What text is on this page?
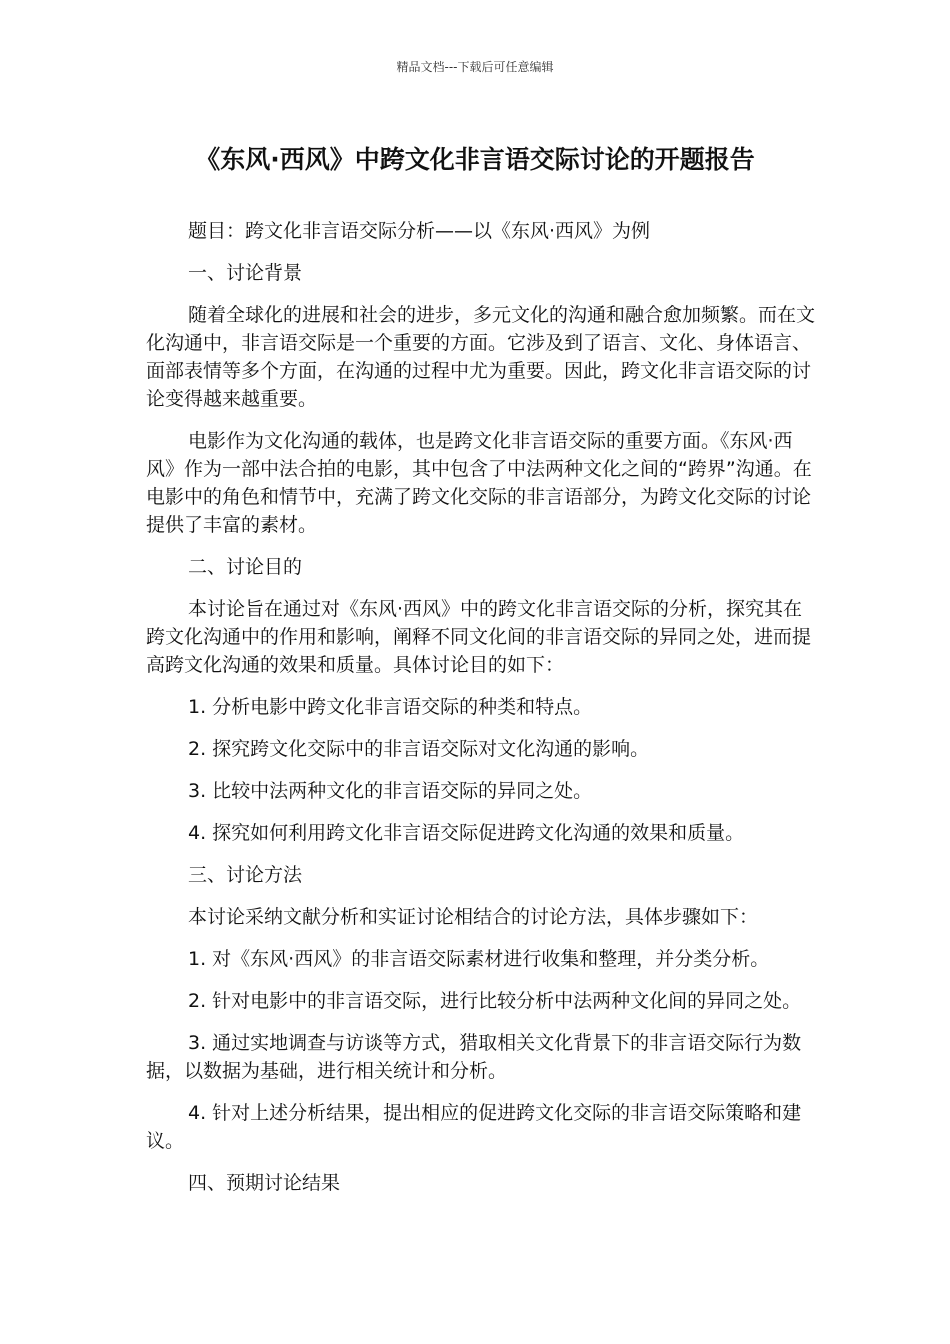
精品文档---下载后可任意编辑
《东风·西风》中跨文化非言语交际讨论的开题报告

题目：跨文化非言语交际分析——以《东风·西风》为例

一、讨论背景

随着全球化的进展和社会的进步，多元文化的沟通和融合愈加频繁。而在文化沟通中，非言语交际是一个重要的方面。它涉及到了语言、文化、身体语言、面部表情等多个方面，在沟通的过程中尤为重要。因此，跨文化非言语交际的讨论变得越来越重要。

电影作为文化沟通的载体，也是跨文化非言语交际的重要方面。《东风·西风》作为一部中法合拍的电影，其中包含了中法两种文化之间的“跨界”沟通。在电影中的角色和情节中，充满了跨文化交际的非言语部分，为跨文化交际的讨论提供了丰富的素材。

二、讨论目的

本讨论旨在通过对《东风·西风》中的跨文化非言语交际的分析，探究其在跨文化沟通中的作用和影响，阐释不同文化间的非言语交际的异同之处，进而提高跨文化沟通的效果和质量。具体讨论目的如下：

1. 分析电影中跨文化非言语交际的种类和特点。

2. 探究跨文化交际中的非言语交际对文化沟通的影响。

3. 比较中法两种文化的非言语交际的异同之处。

4. 探究如何利用跨文化非言语交际促进跨文化沟通的效果和质量。

三、讨论方法

本讨论采纳文献分析和实证讨论相结合的讨论方法，具体步骤如下：

1. 对《东风·西风》的非言语交际素材进行收集和整理，并分类分析。

2. 针对电影中的非言语交际，进行比较分析中法两种文化间的异同之处。

3. 通过实地调查与访谈等方式，猎取相关文化背景下的非言语交际行为数据，以数据为基础，进行相关统计和分析。

4. 针对上述分析结果，提出相应的促进跨文化交际的非言语交际策略和建议。

四、预期讨论结果
